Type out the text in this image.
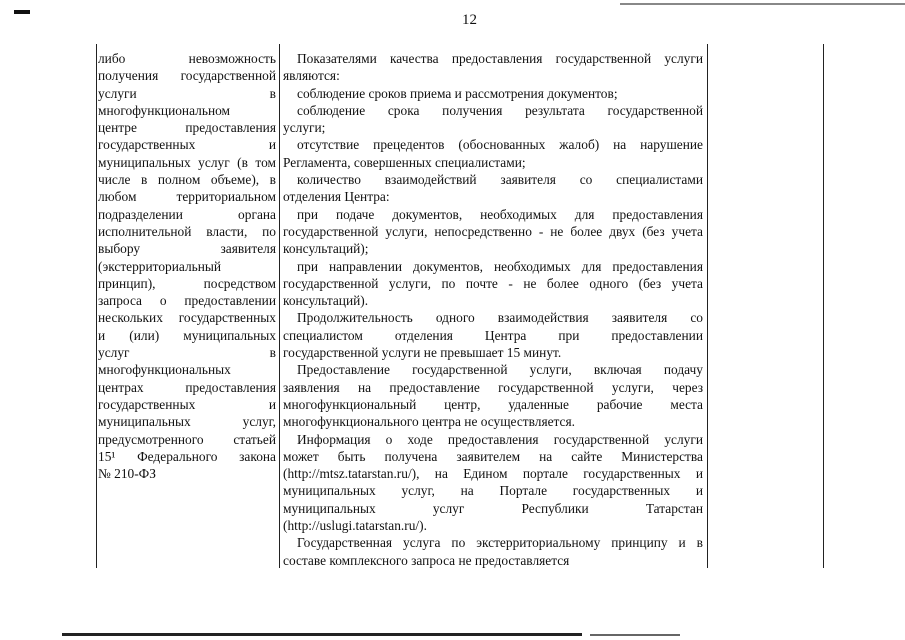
12
либо невозможность
получения государственной
услуги в
многофункциональном
центре предоставления
государственных и
муниципальных услуг (в том
числе в полном объеме), в
любом территориальном
подразделении органа
исполнительной власти, по
выбору заявителя
(экстерриториальный
принцип), посредством
запроса о предоставлении
нескольких государственных
и (или) муниципальных
услуг в
многофункциональных
центрах предоставления
государственных и
муниципальных услуг,
предусмотренного статьей
15¹ Федерального закона
№ 210-ФЗ
Показателями качества предоставления государственной услуги
являются:
соблюдение сроков приема и рассмотрения документов;
соблюдение срока получения результата государственной
услуги;
отсутствие прецедентов (обоснованных жалоб) на нарушение
Регламента, совершенных специалистами;
количество взаимодействий заявителя со специалистами
отделения Центра:
при подаче документов, необходимых для предоставления
государственной услуги, непосредственно - не более двух (без учета
консультаций);
при направлении документов, необходимых для предоставления
государственной услуги, по почте - не более одного (без учета
консультаций).
Продолжительность одного взаимодействия заявителя со
специалистом отделения Центра при предоставлении
государственной услуги не превышает 15 минут.
Предоставление государственной услуги, включая подачу
заявления на предоставление государственной услуги, через
многофункциональный центр, удаленные рабочие места
многофункционального центра не осуществляется.
Информация о ходе предоставления государственной услуги
может быть получена заявителем на сайте Министерства
(http://mtsz.tatarstan.ru/), на Едином портале государственных и
муниципальных услуг, на Портале государственных и
муниципальных услуг Республики Татарстан
(http://uslugi.tatarstan.ru/).
Государственная услуга по экстерриториальному принципу и в
составе комплексного запроса не предоставляется
